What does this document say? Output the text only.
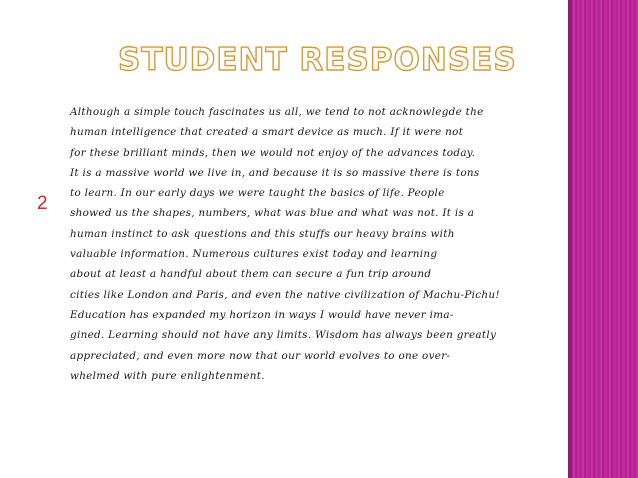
STUDENT RESPONSES
2
Although a simple touch fascinates us all, we tend to not acknowlegde the
human intelligence that created a smart device as much. If it were not
for these brilliant minds, then we would not enjoy of the advances today.
It is a massive world we live in, and because it is so massive there is tons
to learn. In our early days we were taught the basics of life. People
showed us the shapes, numbers, what was blue and what was not. It is a
human instinct to ask questions and this stuffs our heavy brains with
valuable information. Numerous cultures exist today and learning
about at least a handful about them can secure a fun trip around
cities like London and Paris, and even the native civilization of Machu-Pichu!
Education has expanded my horizon in ways I would have never ima-
gined. Learning should not have any limits. Wisdom has always been greatly
appreciated, and even more now that our world evolves to one over-
whelmed with pure enlightenment.
